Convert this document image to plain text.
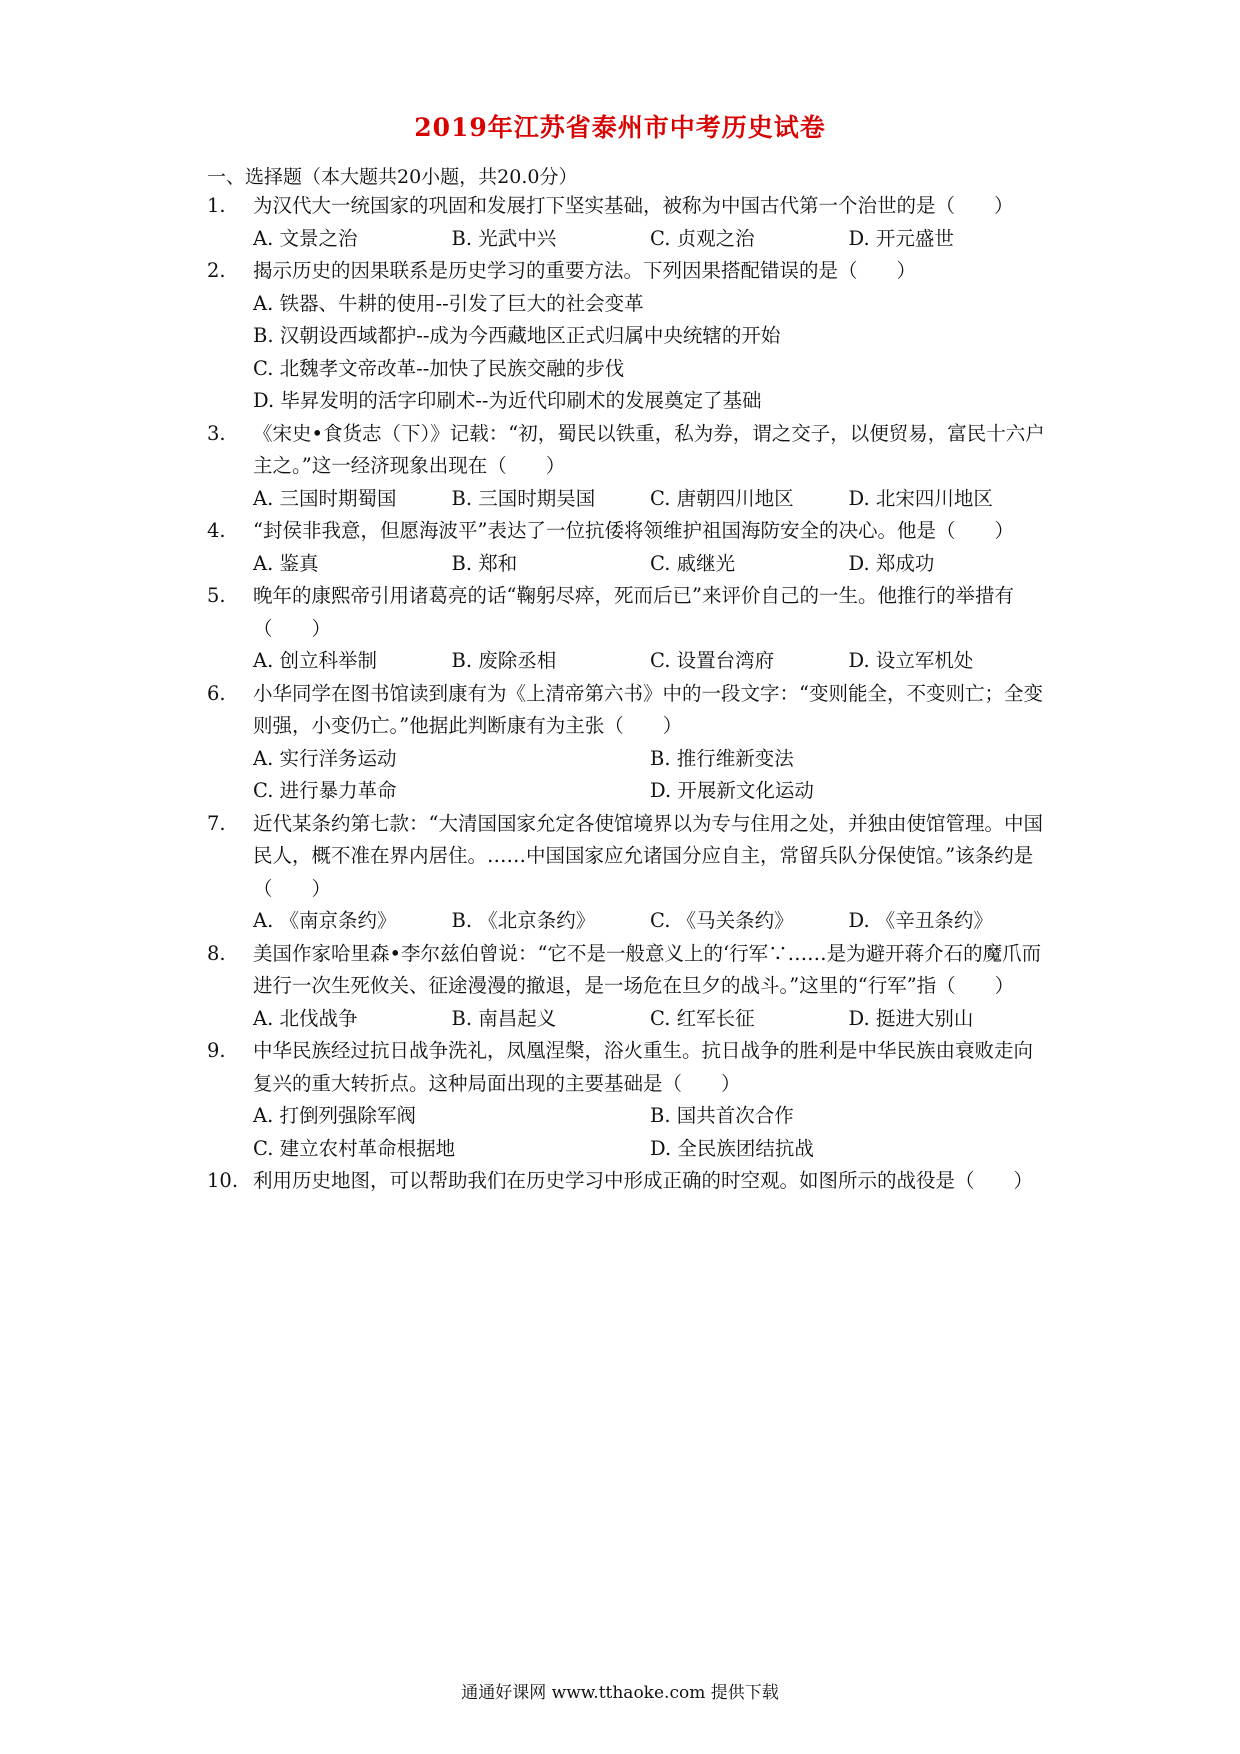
2019年江苏省泰州市中考历史试卷
一、选择题（本大题共20小题，共20.0分）
1. 为汉代大一统国家的巩固和发展打下坚实基础，被称为中国古代第一个治世的是（　　）
A. 文景之治	B. 光武中兴	C. 贞观之治	D. 开元盛世
2. 揭示历史的因果联系是历史学习的重要方法。下列因果搭配错误的是（　　）
A. 铁器、牛耕的使用--引发了巨大的社会变革
B. 汉朝设西域都护--成为今西藏地区正式归属中央统辖的开始
C. 北魏孝文帝改革--加快了民族交融的步伐
D. 毕昇发明的活字印刷术--为近代印刷术的发展奠定了基础
3. 《宋史•食货志（下）》记载：“初，蜀民以铁重，私为券，谓之交子，以便贸易，富民十六户主之。”这一经济现象出现在（　　）
A. 三国时期蜀国	B. 三国时期吴国	C. 唐朝四川地区	D. 北宋四川地区
4. “封侯非我意，但愿海波平”表达了一位抗倭将领维护祖国海防安全的决心。他是（　　）
A. 鉴真	B. 郑和	C. 戚继光	D. 郑成功
5. 晚年的康熙帝引用诸葛亮的话“鞠躬尽瘁，死而后已”来评价自己的一生。他推行的举措有（　　）
A. 创立科举制	B. 废除丞相	C. 设置台湾府	D. 设立军机处
6. 小华同学在图书馆读到康有为《上清帝第六书》中的一段文字：“变则能全，不变则亡；全变则强，小变仍亡。”他据此判断康有为主张（　　）
A. 实行洋务运动	B. 推行维新变法
C. 进行暴力革命	D. 开展新文化运动
7. 近代某条约第七款：“大清国国家允定各使馆境界以为专与住用之处，并独由使馆管理。中国民人，概不准在界内居住。……中国国家应允诸国分应自主，常留兵队分保使馆。”该条约是（　　）
A. 《南京条约》	B. 《北京条约》	C. 《马关条约》	D. 《辛丑条约》
8. 美国作家哈里森•李尔兹伯曾说：“它不是一般意义上的‘行军∵……是为避开蒋介石的魔爪而进行一次生死攸关、征途漫漫的撤退，是一场危在旦夕的战斗。”这里的“行军”指（　　）
A. 北伐战争	B. 南昌起义	C. 红军长征	D. 挺进大别山
9. 中华民族经过抗日战争洗礼，凤凰涅槃，浴火重生。抗日战争的胜利是中华民族由衰败走向复兴的重大转折点。这种局面出现的主要基础是（　　）
A. 打倒列强除军阀	B. 国共首次合作
C. 建立农村革命根据地	D. 全民族团结抗战
10. 利用历史地图，可以帮助我们在历史学习中形成正确的时空观。如图所示的战役是（　　）
通通好课网 www.tthaoke.com 提供下载
